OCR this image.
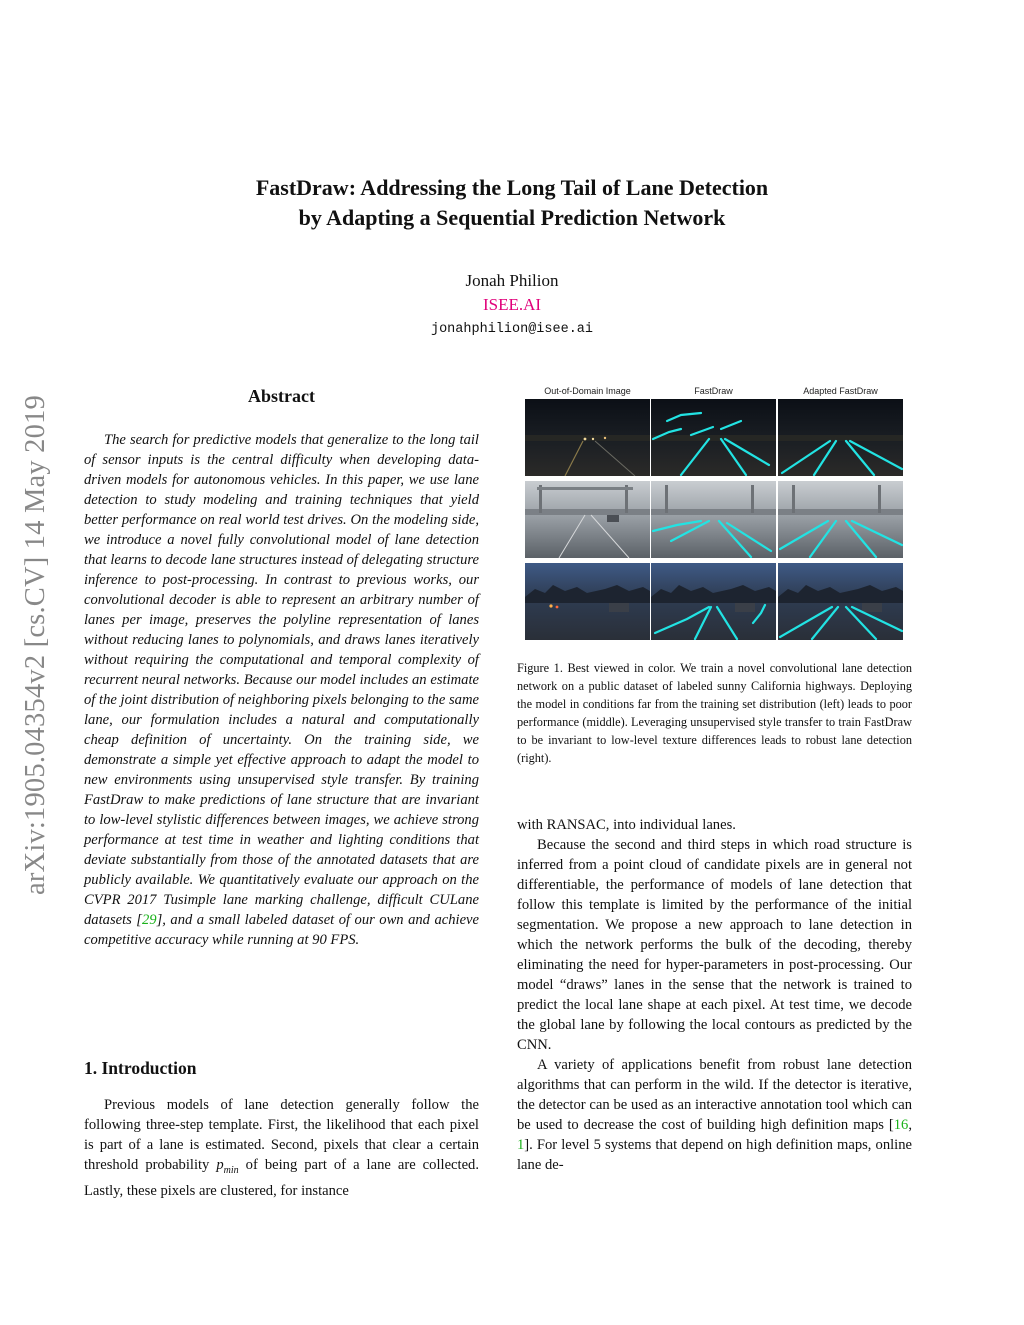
arXiv:1905.04354v2 [cs.CV] 14 May 2019
FastDraw: Addressing the Long Tail of Lane Detection
by Adapting a Sequential Prediction Network
Jonah Philion
ISEE.AI
jonahphilion@isee.ai
Abstract

The search for predictive models that generalize to the long tail of sensor inputs is the central difficulty when developing data-driven models for autonomous vehicles. In this paper, we use lane detection to study modeling and training techniques that yield better performance on real world test drives. On the modeling side, we introduce a novel fully convolutional model of lane detection that learns to decode lane structures instead of delegating structure inference to post-processing. In contrast to previous works, our convolutional decoder is able to represent an arbitrary number of lanes per image, preserves the polyline representation of lanes without reducing lanes to polynomials, and draws lanes iteratively without requiring the computational and temporal complexity of recurrent neural networks. Because our model includes an estimate of the joint distribution of neighboring pixels belonging to the same lane, our formulation includes a natural and computationally cheap definition of uncertainty. On the training side, we demonstrate a simple yet effective approach to adapt the model to new environments using unsupervised style transfer. By training FastDraw to make predictions of lane structure that are invariant to low-level stylistic differences between images, we achieve strong performance at test time in weather and lighting conditions that deviate substantially from those of the annotated datasets that are publicly available. We quantitatively evaluate our approach on the CVPR 2017 Tusimple lane marking challenge, difficult CULane datasets [29], and a small labeled dataset of our own and achieve competitive accuracy while running at 90 FPS.

1. Introduction

Previous models of lane detection generally follow the following three-step template. First, the likelihood that each pixel is part of a lane is estimated. Second, pixels that clear a certain threshold probability $p_{min}$ of being part of a lane are collected. Lastly, these pixels are clustered, for instance

Out-of-Domain Image	FastDraw	Adapted FastDraw
Figure 1. Best viewed in color. We train a novel convolutional lane detection network on a public dataset of labeled sunny California highways. Deploying the model in conditions far from the training set distribution (left) leads to poor performance (middle). Leveraging unsupervised style transfer to train FastDraw to be invariant to low-level texture differences leads to robust lane detection (right).

with RANSAC, into individual lanes.

Because the second and third steps in which road structure is inferred from a point cloud of candidate pixels are in general not differentiable, the performance of models of lane detection that follow this template is limited by the performance of the initial segmentation. We propose a new approach to lane detection in which the network performs the bulk of the decoding, thereby eliminating the need for hyper-parameters in post-processing. Our model “draws” lanes in the sense that the network is trained to predict the local lane shape at each pixel. At test time, we decode the global lane by following the local contours as predicted by the CNN.

A variety of applications benefit from robust lane detection algorithms that can perform in the wild. If the detector is iterative, the detector can be used as an interactive annotation tool which can be used to decrease the cost of building high definition maps [16, 1]. For level 5 systems that depend on high definition maps, online lane de-
